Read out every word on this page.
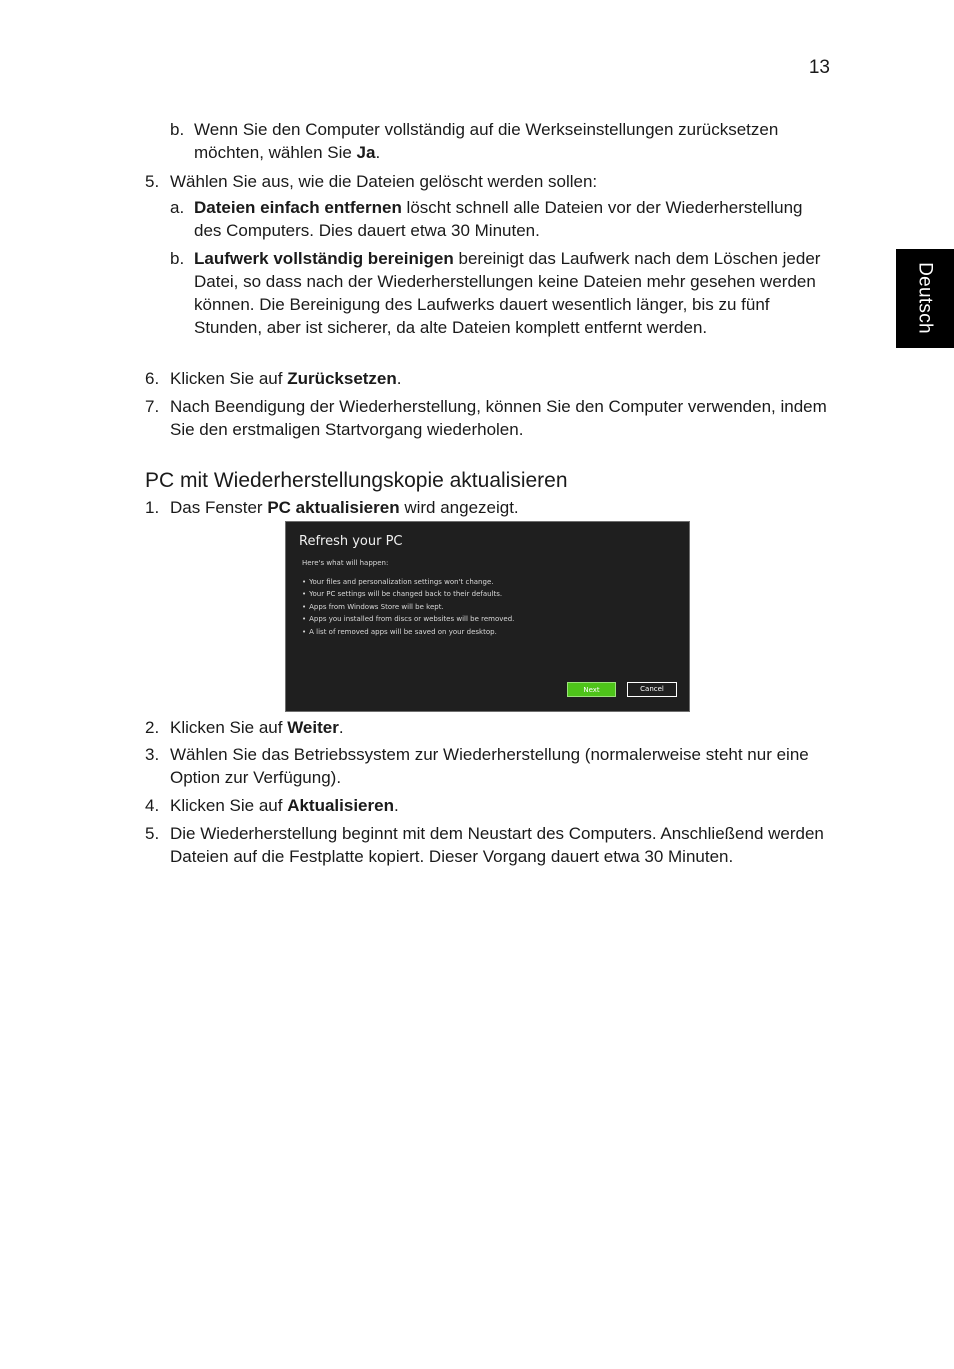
13
Deutsch
b. Wenn Sie den Computer vollständig auf die Werkseinstellungen zurücksetzen möchten, wählen Sie Ja.
5. Wählen Sie aus, wie die Dateien gelöscht werden sollen:
a. Dateien einfach entfernen löscht schnell alle Dateien vor der Wiederherstellung des Computers. Dies dauert etwa 30 Minuten.
b. Laufwerk vollständig bereinigen bereinigt das Laufwerk nach dem Löschen jeder Datei, so dass nach der Wiederherstellungen keine Dateien mehr gesehen werden können. Die Bereinigung des Laufwerks dauert wesentlich länger, bis zu fünf Stunden, aber ist sicherer, da alte Dateien komplett entfernt werden.
6. Klicken Sie auf Zurücksetzen.
7. Nach Beendigung der Wiederherstellung, können Sie den Computer verwenden, indem Sie den erstmaligen Startvorgang wiederholen.
PC mit Wiederherstellungskopie aktualisieren
1. Das Fenster PC aktualisieren wird angezeigt.
Refresh your PC
Here's what will happen:
• Your files and personalization settings won't change.
• Your PC settings will be changed back to their defaults.
• Apps from Windows Store will be kept.
• Apps you installed from discs or websites will be removed.
• A list of removed apps will be saved on your desktop.
Next	Cancel
2. Klicken Sie auf Weiter.
3. Wählen Sie das Betriebssystem zur Wiederherstellung (normalerweise steht nur eine Option zur Verfügung).
4. Klicken Sie auf Aktualisieren.
5. Die Wiederherstellung beginnt mit dem Neustart des Computers. Anschließend werden Dateien auf die Festplatte kopiert. Dieser Vorgang dauert etwa 30 Minuten.
